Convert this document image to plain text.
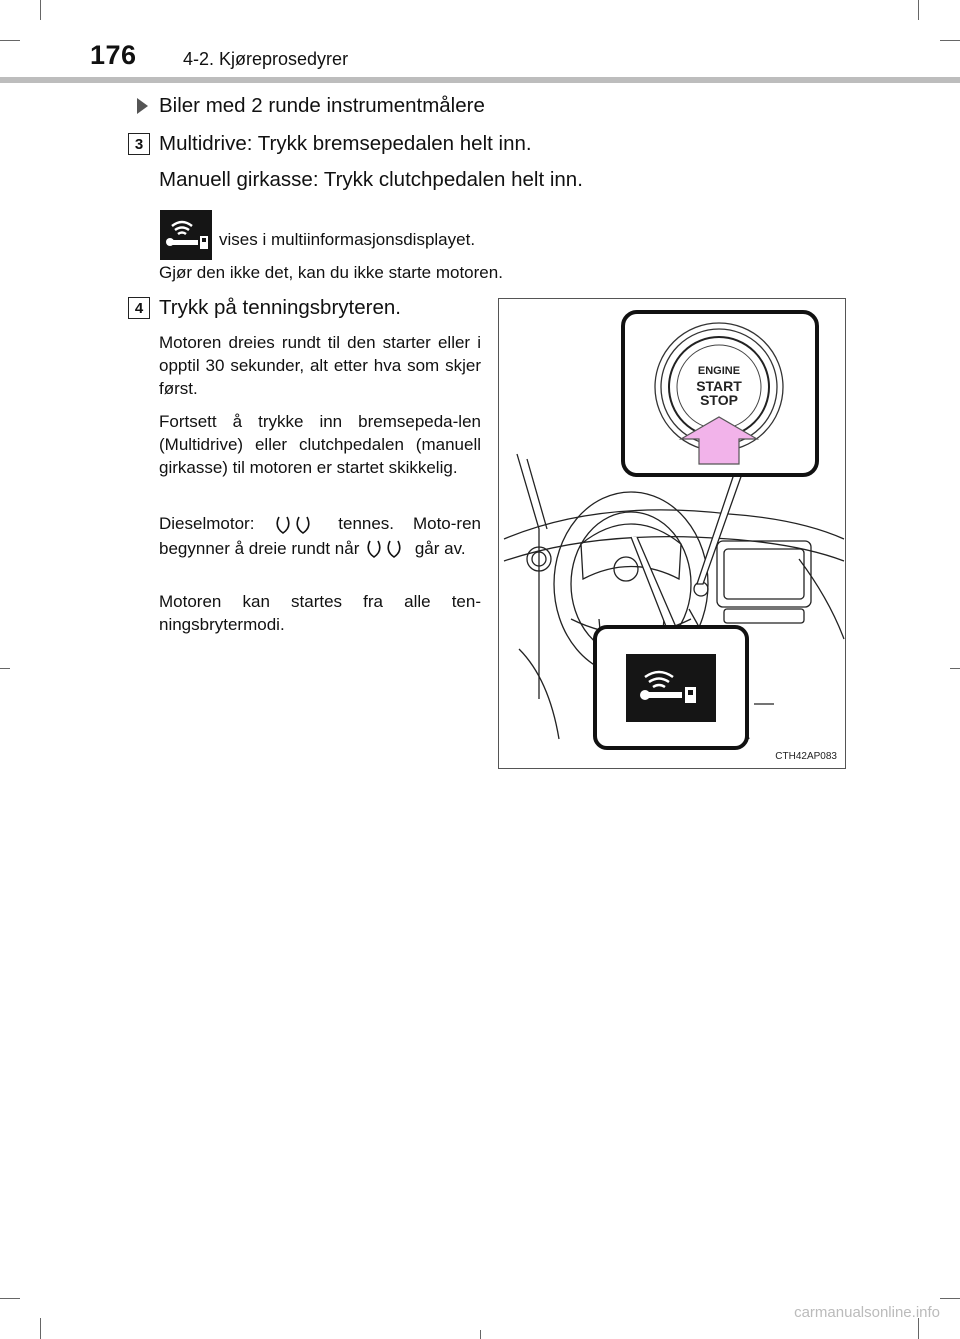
176	4-2. Kjøreprosedyrer
Biler med 2 runde instrumentmålere
3 Multidrive: Trykk bremsepedalen helt inn.
Manuell girkasse: Trykk clutchpedalen helt inn.
vises i multiinformasjonsdisplayet.
Gjør den ikke det, kan du ikke starte motoren.
4 Trykk på tenningsbryteren.
Motoren dreies rundt til den starter eller i opptil 30 sekunder, alt etter hva som skjer først.
Fortsett å trykke inn bremsepeda-len (Multidrive) eller clutchpedalen (manuell girkasse) til motoren er startet skikkelig.
Dieselmotor:	tennes. Moto-ren begynner å dreie rundt når	går av.
Motoren kan startes fra alle ten-ningsbrytermodi.
ENGINE
START
STOP
CTH42AP083
carmanualsonline.info
